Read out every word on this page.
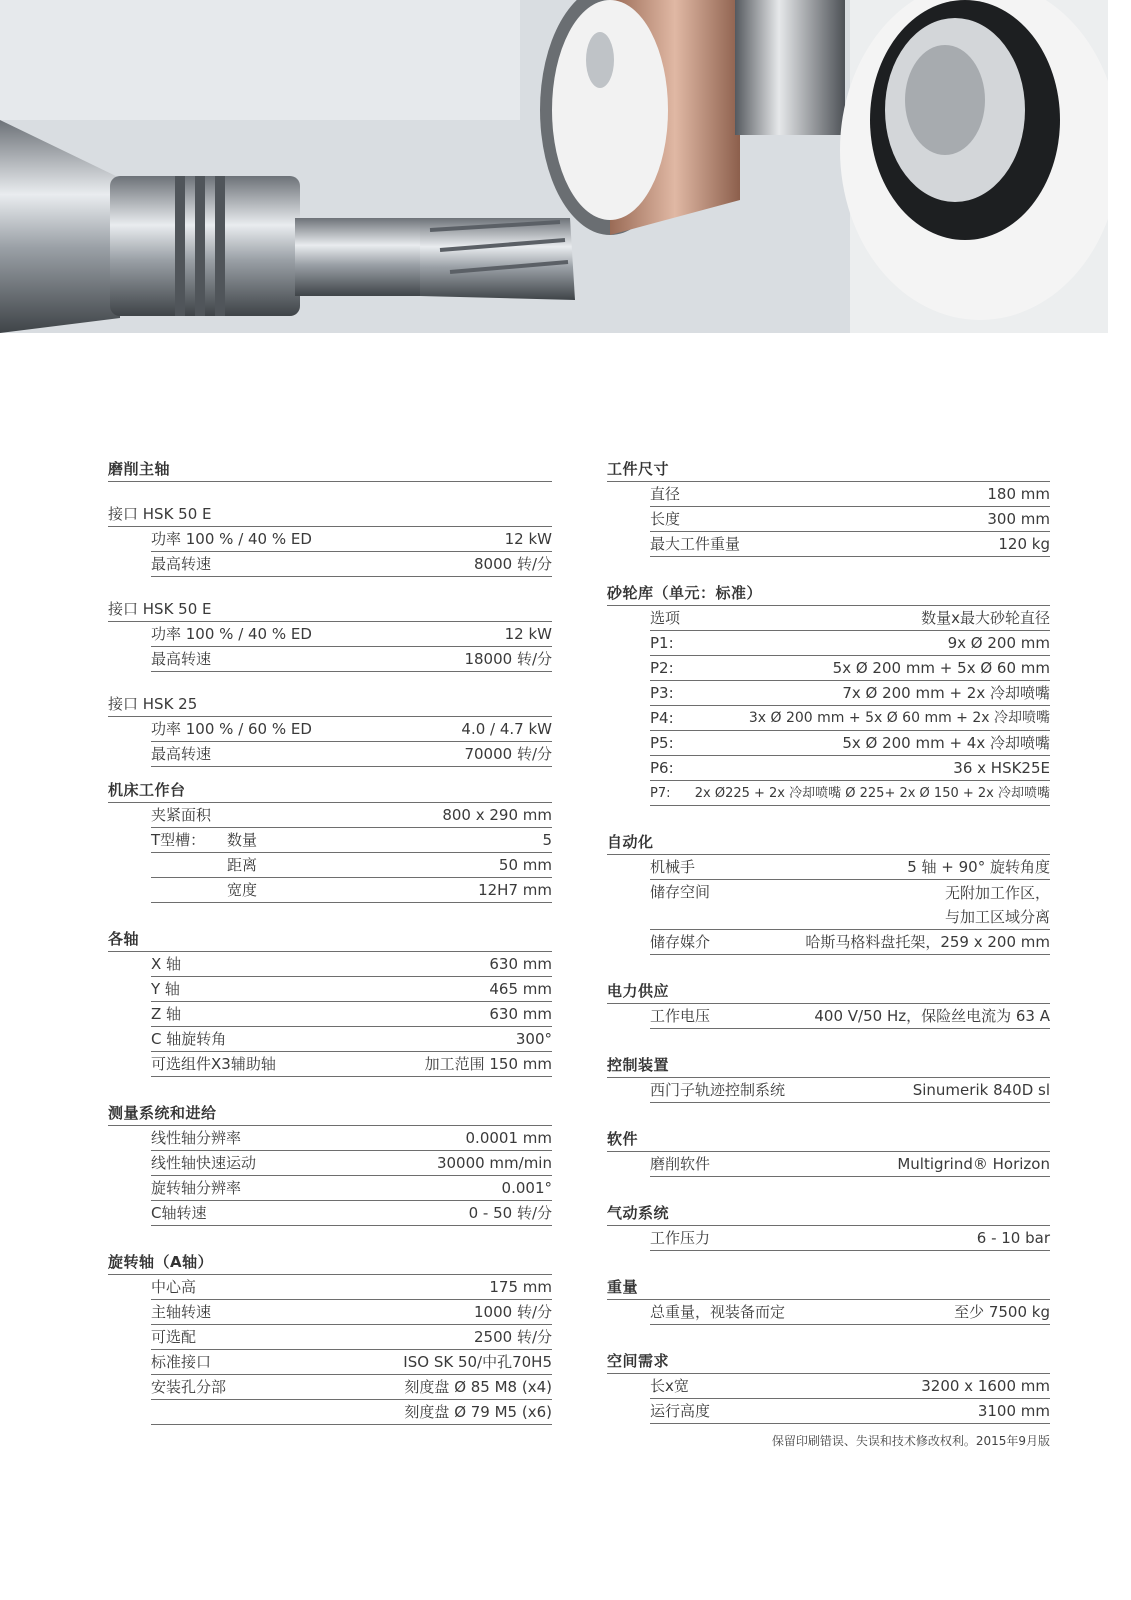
磨削主轴
接口 HSK 50 E
功率 100 % / 40 % ED	12 kW
最高转速	8000 转/分
接口 HSK 50 E
功率 100 % / 40 % ED	12 kW
最高转速	18000 转/分
接口 HSK 25
功率 100 % / 60 % ED	4.0 / 4.7 kW
最高转速	70000 转/分
机床工作台
夹紧面积	800 x 290 mm
T型槽： 数量	5
距离	50 mm
宽度	12H7 mm
各轴
X 轴	630 mm
Y 轴	465 mm
Z 轴	630 mm
C 轴旋转角	300°
可选组件X3辅助轴	加工范围 150 mm
测量系统和进给
线性轴分辨率	0.0001 mm
线性轴快速运动	30000 mm/min
旋转轴分辨率	0.001°
C轴转速	0 - 50 转/分
旋转轴（A轴）
中心高	175 mm
主轴转速	1000 转/分
可选配	2500 转/分
标准接口	ISO SK 50/中孔70H5
安装孔分部	刻度盘 Ø 85 M8 (x4)
刻度盘 Ø 79 M5 (x6)
工件尺寸
直径	180 mm
长度	300 mm
最大工件重量	120 kg
砂轮库（单元：标准）
选项	数量x最大砂轮直径
P1:	9x Ø 200 mm
P2:	5x Ø 200 mm + 5x Ø 60 mm
P3:	7x Ø 200 mm + 2x 冷却喷嘴
P4:	3x Ø 200 mm + 5x Ø 60 mm + 2x 冷却喷嘴
P5:	5x Ø 200 mm + 4x 冷却喷嘴
P6:	36 x HSK25E
P7: 2x Ø225 + 2x 冷却喷嘴 Ø 225+ 2x Ø 150 + 2x 冷却喷嘴
自动化
机械手	5 轴 + 90° 旋转角度
储存空间	无附加工作区，
与加工区域分离
储存媒介	哈斯马格料盘托架，259 x 200 mm
电力供应
工作电压	400 V/50 Hz，保险丝电流为 63 A
控制装置
西门子轨迹控制系统	Sinumerik 840D sl
软件
磨削软件	Multigrind® Horizon
气动系统
工作压力	6 - 10 bar
重量
总重量，视装备而定	至少 7500 kg
空间需求
长x宽	3200 x 1600 mm
运行高度	3100 mm
保留印刷错误、失误和技术修改权利。2015年9月版
